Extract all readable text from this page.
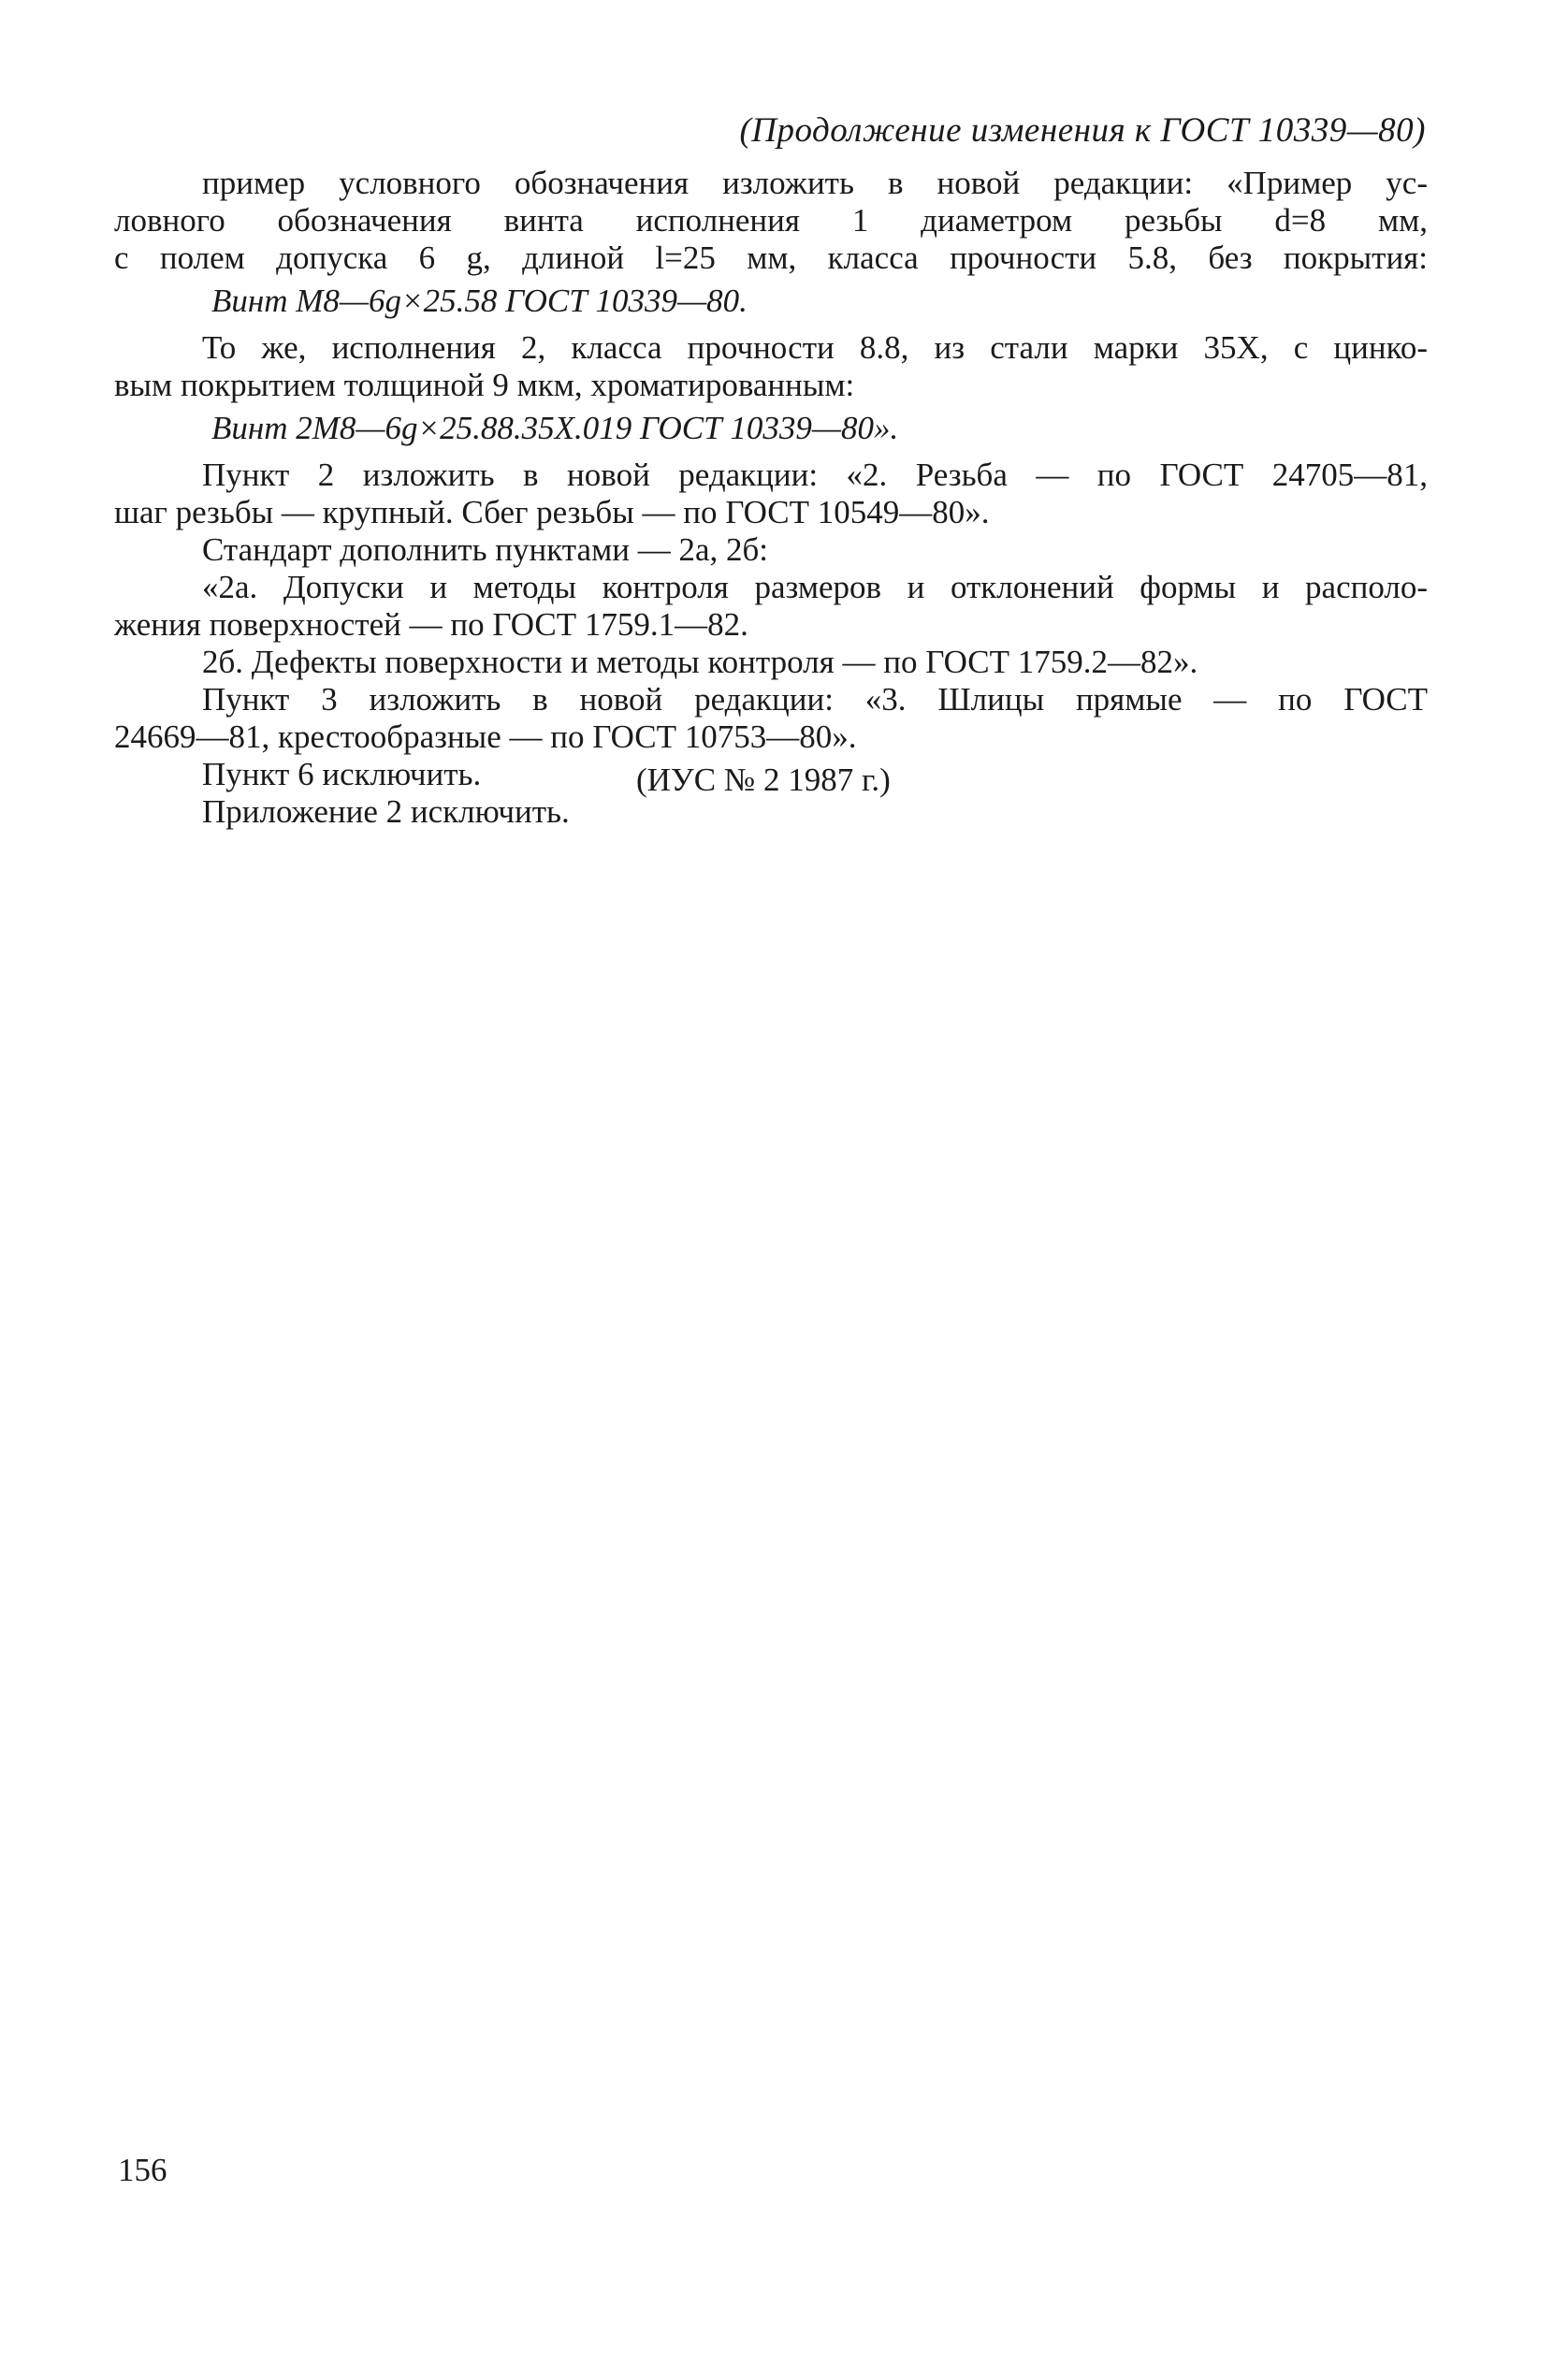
(Продолжение изменения к ГОСТ 10339—80)
пример условного обозначения изложить в новой редакции: «Пример ус-
ловного обозначения винта исполнения 1 диаметром резьбы d=8 мм,
с полем допуска 6 g, длиной l=25 мм, класса прочности 5.8, без покрытия:
Винт М8—6g×25.58 ГОСТ 10339—80.
То же, исполнения 2, класса прочности 8.8, из стали марки 35Х, с цинко-
вым покрытием толщиной 9 мкм, хроматированным:
Винт 2М8—6g×25.88.35Х.019 ГОСТ 10339—80».
Пункт 2 изложить в новой редакции: «2. Резьба — по ГОСТ 24705—81,
шаг резьбы — крупный. Сбег резьбы — по ГОСТ 10549—80».
Стандарт дополнить пунктами — 2а, 2б:
«2а. Допуски и методы контроля размеров и отклонений формы и располо-
жения поверхностей — по ГОСТ 1759.1—82.
2б. Дефекты поверхности и методы контроля — по ГОСТ 1759.2—82».
Пункт 3 изложить в новой редакции: «3. Шлицы прямые — по ГОСТ
24669—81, крестообразные — по ГОСТ 10753—80».
Пункт 6 исключить.
Приложение 2 исключить.
(ИУС № 2 1987 г.)
156
